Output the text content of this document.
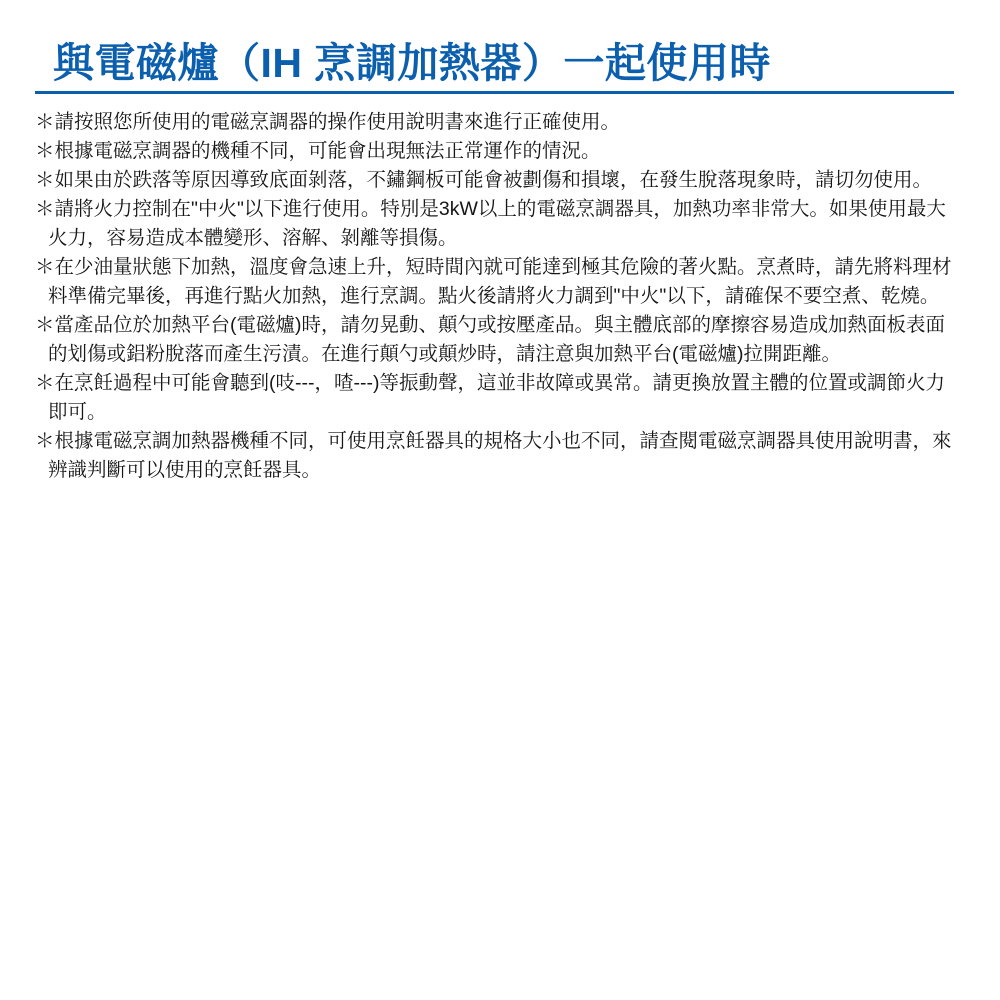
與電磁爐（IH 烹調加熱器）一起使用時
＊請按照您所使用的電磁烹調器的操作使用說明書來進行正確使用。
＊根據電磁烹調器的機種不同，可能會出現無法正常運作的情況。
＊如果由於跌落等原因導致底面剝落，不鏽鋼板可能會被劃傷和損壞，在發生脫落現象時，請切勿使用。
＊請將火力控制在"中火"以下進行使用。特別是3kW以上的電磁烹調器具，加熱功率非常大。如果使用最大火力，容易造成本體變形、溶解、剝離等損傷。
＊在少油量狀態下加熱，溫度會急速上升，短時間內就可能達到極其危險的著火點。烹煮時，請先將料理材料準備完畢後，再進行點火加熱，進行烹調。點火後請將火力調到"中火"以下，請確保不要空煮、乾燒。
＊當產品位於加熱平台(電磁爐)時，請勿晃動、顛勺或按壓產品。與主體底部的摩擦容易造成加熱面板表面的划傷或鋁粉脫落而產生污漬。在進行顛勺或顛炒時，請注意與加熱平台(電磁爐)拉開距離。
＊在烹飪過程中可能會聽到(吱---，喳---)等振動聲，這並非故障或異常。請更換放置主體的位置或調節火力即可。
＊根據電磁烹調加熱器機種不同，可使用烹飪器具的規格大小也不同，請查閱電磁烹調器具使用說明書，來辨識判斷可以使用的烹飪器具。
